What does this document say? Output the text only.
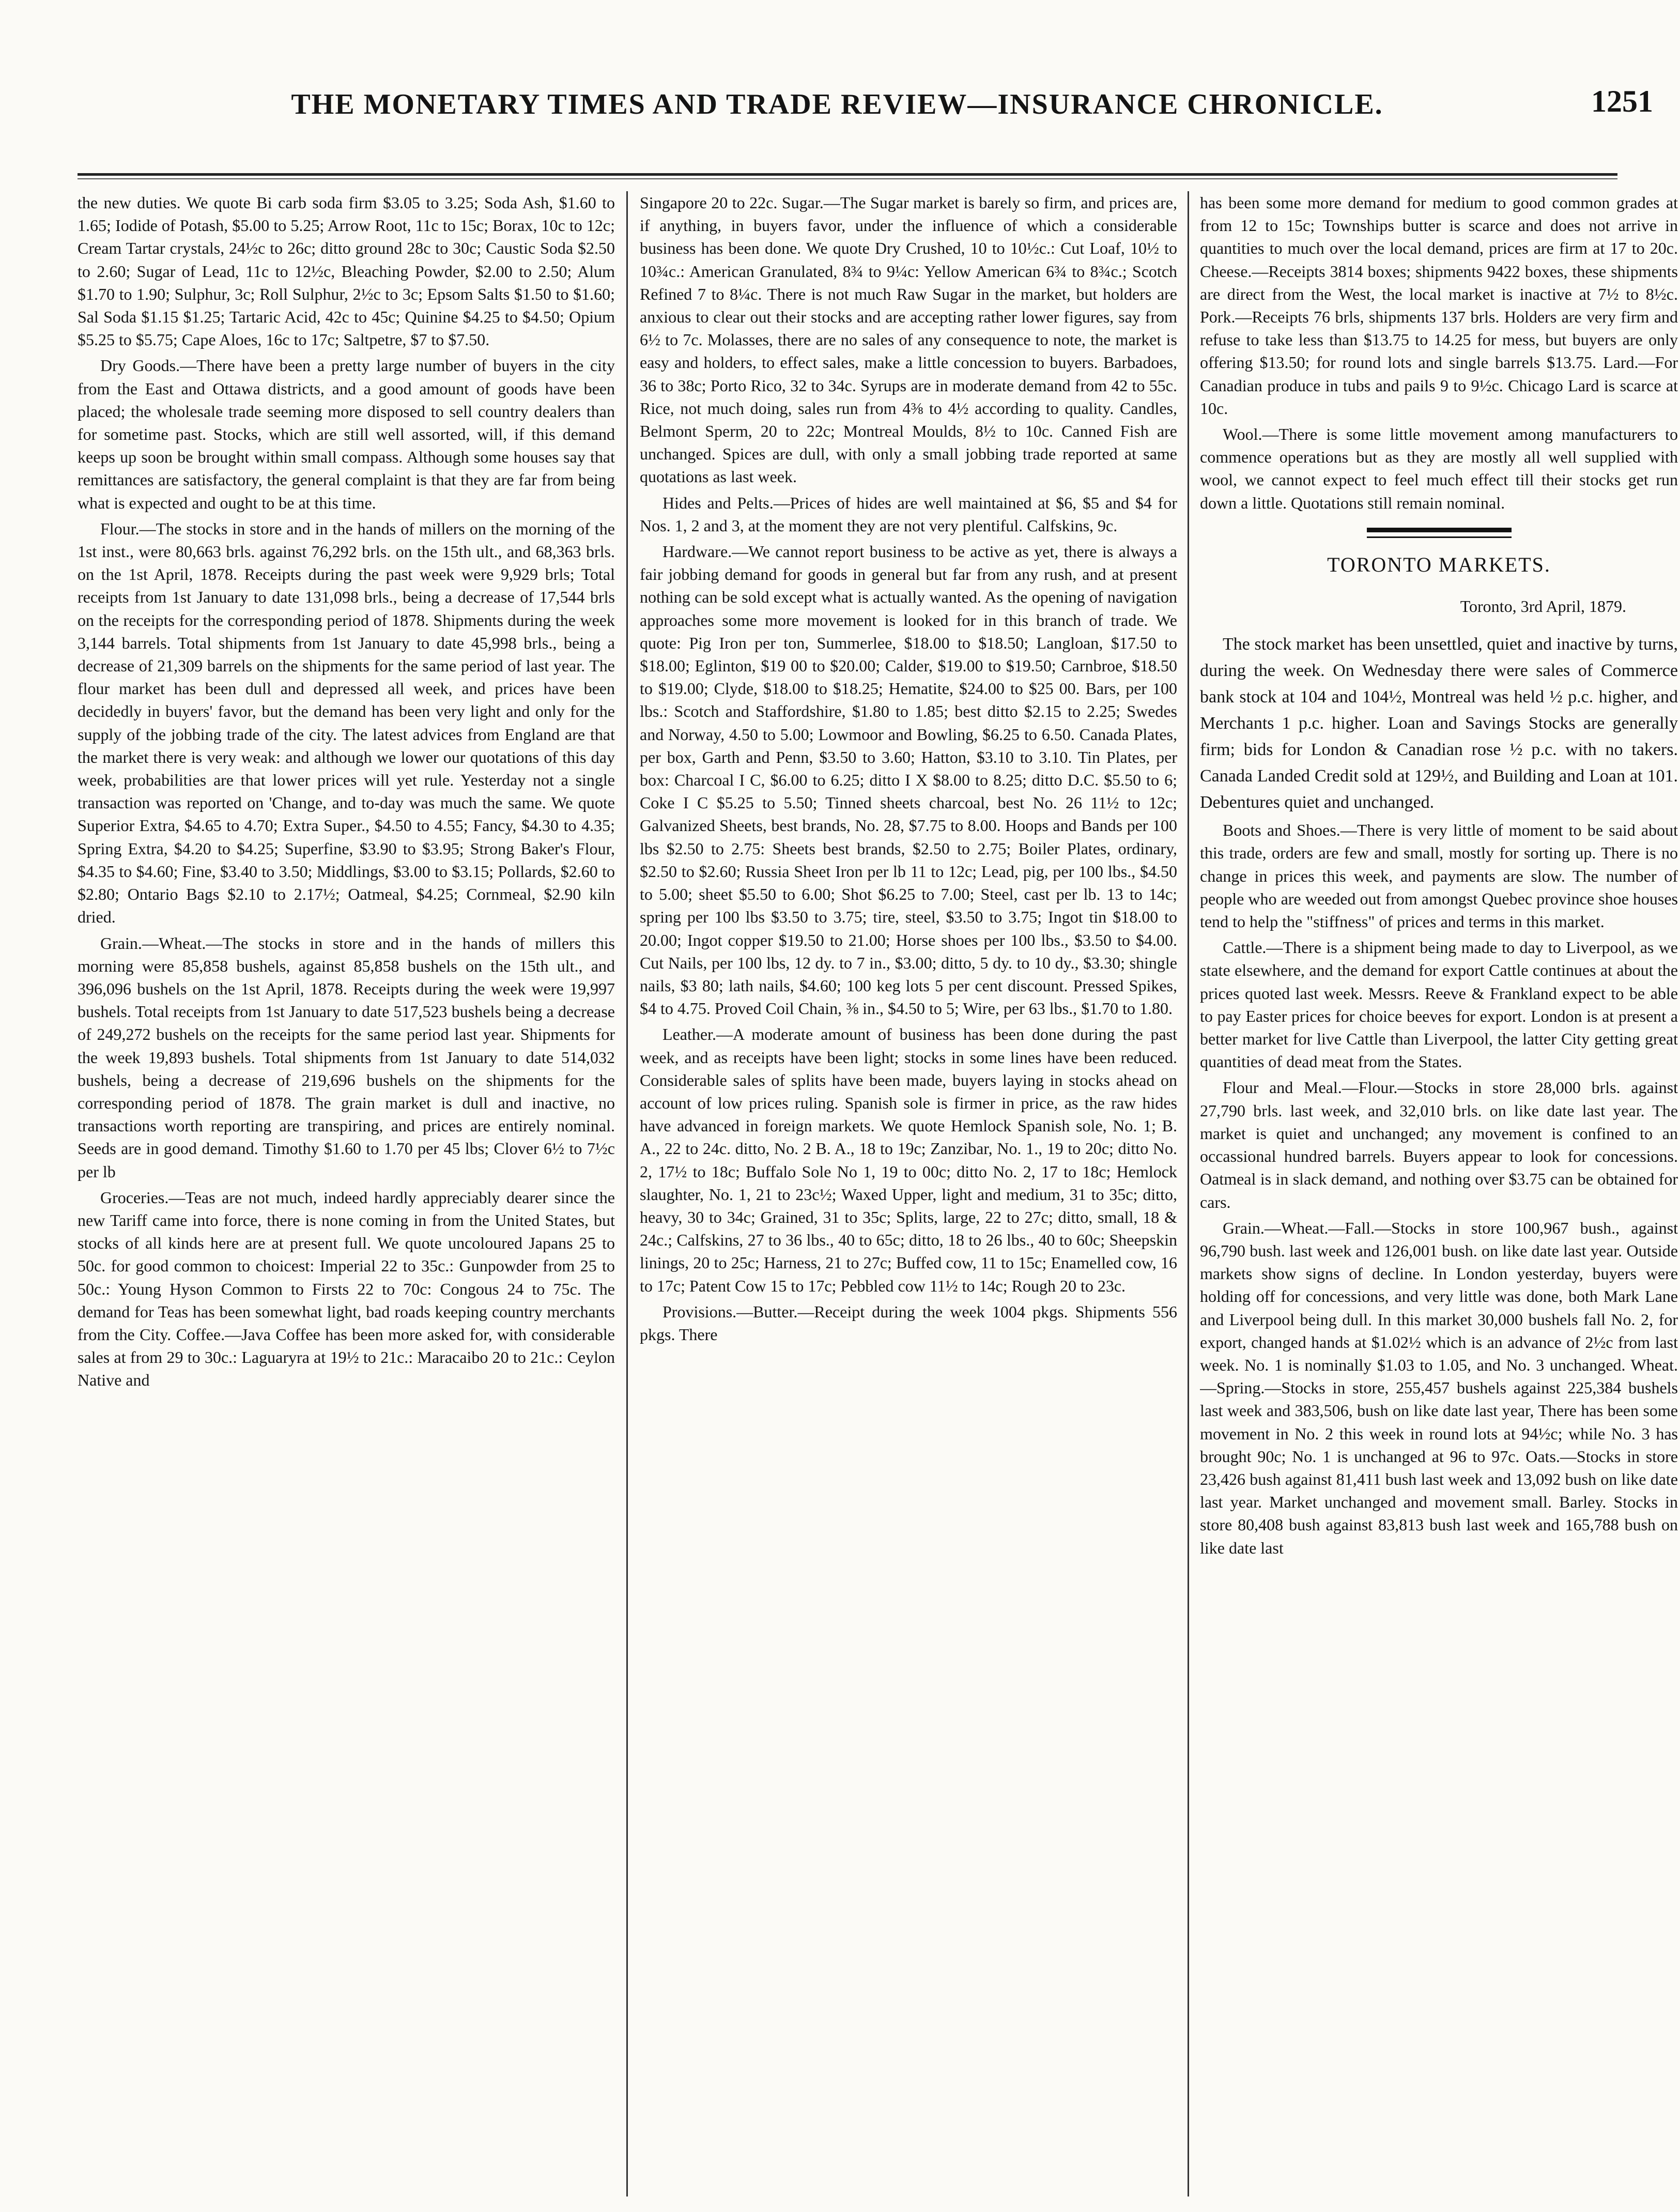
THE MONETARY TIMES AND TRADE REVIEW—INSURANCE CHRONICLE.	1251

the new duties. We quote Bi carb soda firm $3.05 to 3.25; Soda Ash, $1.60 to 1.65; Iodide of Potash, $5.00 to 5.25; Arrow Root, 11c to 15c; Borax, 10c to 12c; Cream Tartar crystals, 24½c to 26c; ditto ground 28c to 30c; Caustic Soda $2.50 to 2.60; Sugar of Lead, 11c to 12½c, Bleaching Powder, $2.00 to 2.50; Alum $1.70 to 1.90; Sulphur, 3c; Roll Sulphur, 2½c to 3c; Epsom Salts $1.50 to $1.60; Sal Soda $1.15 $1.25; Tartaric Acid, 42c to 45c; Quinine $4.25 to $4.50; Opium $5.25 to $5.75; Cape Aloes, 16c to 17c; Saltpetre, $7 to $7.50.

Dry Goods.—There have been a pretty large number of buyers in the city from the East and Ottawa districts, and a good amount of goods have been placed; the wholesale trade seeming more disposed to sell country dealers than for sometime past. Stocks, which are still well assorted, will, if this demand keeps up soon be brought within small compass. Although some houses say that remittances are satisfactory, the general complaint is that they are far from being what is expected and ought to be at this time.

Flour.—The stocks in store and in the hands of millers on the morning of the 1st inst., were 80,663 brls. against 76,292 brls. on the 15th ult., and 68,363 brls. on the 1st April, 1878. Receipts during the past week were 9,929 brls; Total receipts from 1st January to date 131,098 brls., being a decrease of 17,544 brls on the receipts for the corresponding period of 1878. Shipments during the week 3,144 barrels. Total shipments from 1st January to date 45,998 brls., being a decrease of 21,309 barrels on the shipments for the same period of last year. The flour market has been dull and depressed all week, and prices have been decidedly in buyers' favor, but the demand has been very light and only for the supply of the jobbing trade of the city. The latest advices from England are that the market there is very weak: and although we lower our quotations of this day week, probabilities are that lower prices will yet rule. Yesterday not a single transaction was reported on 'Change, and to-day was much the same. We quote Superior Extra, $4.65 to 4.70; Extra Super., $4.50 to 4.55; Fancy, $4.30 to 4.35; Spring Extra, $4.20 to $4.25; Superfine, $3.90 to $3.95; Strong Baker's Flour, $4.35 to $4.60; Fine, $3.40 to 3.50; Middlings, $3.00 to $3.15; Pollards, $2.60 to $2.80; Ontario Bags $2.10 to 2.17½; Oatmeal, $4.25; Cornmeal, $2.90 kiln dried.

Grain.—Wheat.—The stocks in store and in the hands of millers this morning were 85,858 bushels, against 85,858 bushels on the 15th ult., and 396,096 bushels on the 1st April, 1878. Receipts during the week were 19,997 bushels. Total receipts from 1st January to date 517,523 bushels being a decrease of 249,272 bushels on the receipts for the same period last year. Shipments for the week 19,893 bushels. Total shipments from 1st January to date 514,032 bushels, being a decrease of 219,696 bushels on the shipments for the corresponding period of 1878. The grain market is dull and inactive, no transactions worth reporting are transpiring, and prices are entirely nominal. Seeds are in good demand. Timothy $1.60 to 1.70 per 45 lbs; Clover 6½ to 7½c per lb

Groceries.—Teas are not much, indeed hardly appreciably dearer since the new Tariff came into force, there is none coming in from the United States, but stocks of all kinds here are at present full. We quote uncoloured Japans 25 to 50c. for good common to choicest: Imperial 22 to 35c.: Gunpowder from 25 to 50c.: Young Hyson Common to Firsts 22 to 70c: Congous 24 to 75c. The demand for Teas has been somewhat light, bad roads keeping country merchants from the City. Coffee.—Java Coffee has been more asked for, with considerable sales at from 29 to 30c.: Laguaryra at 19½ to 21c.: Maracaibo 20 to 21c.: Ceylon Native and

Singapore 20 to 22c. Sugar.—The Sugar market is barely so firm, and prices are, if anything, in buyers favor, under the influence of which a considerable business has been done. We quote Dry Crushed, 10 to 10½c.: Cut Loaf, 10½ to 10¾c.: American Granulated, 8¾ to 9¼c: Yellow American 6¾ to 8¾c.; Scotch Refined 7 to 8¼c. There is not much Raw Sugar in the market, but holders are anxious to clear out their stocks and are accepting rather lower figures, say from 6½ to 7c. Molasses, there are no sales of any consequence to note, the market is easy and holders, to effect sales, make a little concession to buyers. Barbadoes, 36 to 38c; Porto Rico, 32 to 34c. Syrups are in moderate demand from 42 to 55c. Rice, not much doing, sales run from 4⅜ to 4½ according to quality. Candles, Belmont Sperm, 20 to 22c; Montreal Moulds, 8½ to 10c. Canned Fish are unchanged. Spices are dull, with only a small jobbing trade reported at same quotations as last week.

Hides and Pelts.—Prices of hides are well maintained at $6, $5 and $4 for Nos. 1, 2 and 3, at the moment they are not very plentiful. Calfskins, 9c.

Hardware.—We cannot report business to be active as yet, there is always a fair jobbing demand for goods in general but far from any rush, and at present nothing can be sold except what is actually wanted. As the opening of navigation approaches some more movement is looked for in this branch of trade. We quote: Pig Iron per ton, Summerlee, $18.00 to $18.50; Langloan, $17.50 to $18.00; Eglinton, $19 00 to $20.00; Calder, $19.00 to $19.50; Carnbroe, $18.50 to $19.00; Clyde, $18.00 to $18.25; Hematite, $24.00 to $25 00. Bars, per 100 lbs.: Scotch and Staffordshire, $1.80 to 1.85; best ditto $2.15 to 2.25; Swedes and Norway, 4.50 to 5.00; Lowmoor and Bowling, $6.25 to 6.50. Canada Plates, per box, Garth and Penn, $3.50 to 3.60; Hatton, $3.10 to 3.10. Tin Plates, per box: Charcoal I C, $6.00 to 6.25; ditto I X $8.00 to 8.25; ditto D.C. $5.50 to 6; Coke I C $5.25 to 5.50; Tinned sheets charcoal, best No. 26 11½ to 12c; Galvanized Sheets, best brands, No. 28, $7.75 to 8.00. Hoops and Bands per 100 lbs $2.50 to 2.75: Sheets best brands, $2.50 to 2.75; Boiler Plates, ordinary, $2.50 to $2.60; Russia Sheet Iron per lb 11 to 12c; Lead, pig, per 100 lbs., $4.50 to 5.00; sheet $5.50 to 6.00; Shot $6.25 to 7.00; Steel, cast per lb. 13 to 14c; spring per 100 lbs $3.50 to 3.75; tire, steel, $3.50 to 3.75; Ingot tin $18.00 to 20.00; Ingot copper $19.50 to 21.00; Horse shoes per 100 lbs., $3.50 to $4.00. Cut Nails, per 100 lbs, 12 dy. to 7 in., $3.00; ditto, 5 dy. to 10 dy., $3.30; shingle nails, $3 80; lath nails, $4.60; 100 keg lots 5 per cent discount. Pressed Spikes, $4 to 4.75. Proved Coil Chain, ⅜ in., $4.50 to 5; Wire, per 63 lbs., $1.70 to 1.80.

Leather.—A moderate amount of business has been done during the past week, and as receipts have been light; stocks in some lines have been reduced. Considerable sales of splits have been made, buyers laying in stocks ahead on account of low prices ruling. Spanish sole is firmer in price, as the raw hides have advanced in foreign markets. We quote Hemlock Spanish sole, No. 1; B. A., 22 to 24c. ditto, No. 2 B. A., 18 to 19c; Zanzibar, No. 1., 19 to 20c; ditto No. 2, 17½ to 18c; Buffalo Sole No 1, 19 to 00c; ditto No. 2, 17 to 18c; Hemlock slaughter, No. 1, 21 to 23c½; Waxed Upper, light and medium, 31 to 35c; ditto, heavy, 30 to 34c; Grained, 31 to 35c; Splits, large, 22 to 27c; ditto, small, 18 & 24c.; Calfskins, 27 to 36 lbs., 40 to 65c; ditto, 18 to 26 lbs., 40 to 60c; Sheepskin linings, 20 to 25c; Harness, 21 to 27c; Buffed cow, 11 to 15c; Enamelled cow, 16 to 17c; Patent Cow 15 to 17c; Pebbled cow 11½ to 14c; Rough 20 to 23c.

Provisions.—Butter.—Receipt during the week 1004 pkgs. Shipments 556 pkgs. There

has been some more demand for medium to good common grades at from 12 to 15c; Townships butter is scarce and does not arrive in quantities to much over the local demand, prices are firm at 17 to 20c. Cheese.—Receipts 3814 boxes; shipments 9422 boxes, these shipments are direct from the West, the local market is inactive at 7½ to 8½c. Pork.—Receipts 76 brls, shipments 137 brls. Holders are very firm and refuse to take less than $13.75 to 14.25 for mess, but buyers are only offering $13.50; for round lots and single barrels $13.75. Lard.—For Canadian produce in tubs and pails 9 to 9½c. Chicago Lard is scarce at 10c.

Wool.—There is some little movement among manufacturers to commence operations but as they are mostly all well supplied with wool, we cannot expect to feel much effect till their stocks get run down a little. Quotations still remain nominal.

TORONTO MARKETS.
Toronto, 3rd April, 1879.

The stock market has been unsettled, quiet and inactive by turns, during the week. On Wednesday there were sales of Commerce bank stock at 104 and 104½, Montreal was held ½ p.c. higher, and Merchants 1 p.c. higher. Loan and Savings Stocks are generally firm; bids for London & Canadian rose ½ p.c. with no takers. Canada Landed Credit sold at 129½, and Building and Loan at 101. Debentures quiet and unchanged.

Boots and Shoes.—There is very little of moment to be said about this trade, orders are few and small, mostly for sorting up. There is no change in prices this week, and payments are slow. The number of people who are weeded out from amongst Quebec province shoe houses tend to help the "stiffness" of prices and terms in this market.

Cattle.—There is a shipment being made to day to Liverpool, as we state elsewhere, and the demand for export Cattle continues at about the prices quoted last week. Messrs. Reeve & Frankland expect to be able to pay Easter prices for choice beeves for export. London is at present a better market for live Cattle than Liverpool, the latter City getting great quantities of dead meat from the States.

Flour and Meal.—Flour.—Stocks in store 28,000 brls. against 27,790 brls. last week, and 32,010 brls. on like date last year. The market is quiet and unchanged; any movement is confined to an occassional hundred barrels. Buyers appear to look for concessions. Oatmeal is in slack demand, and nothing over $3.75 can be obtained for cars.

Grain.—Wheat.—Fall.—Stocks in store 100,967 bush., against 96,790 bush. last week and 126,001 bush. on like date last year. Outside markets show signs of decline. In London yesterday, buyers were holding off for concessions, and very little was done, both Mark Lane and Liverpool being dull. In this market 30,000 bushels fall No. 2, for export, changed hands at $1.02½ which is an advance of 2½c from last week. No. 1 is nominally $1.03 to 1.05, and No. 3 unchanged. Wheat.—Spring.—Stocks in store, 255,457 bushels against 225,384 bushels last week and 383,506, bush on like date last year, There has been some movement in No. 2 this week in round lots at 94½c; while No. 3 has brought 90c; No. 1 is unchanged at 96 to 97c. Oats.—Stocks in store 23,426 bush against 81,411 bush last week and 13,092 bush on like date last year. Market unchanged and movement small. Barley. Stocks in store 80,408 bush against 83,813 bush last week and 165,788 bush on like date last
